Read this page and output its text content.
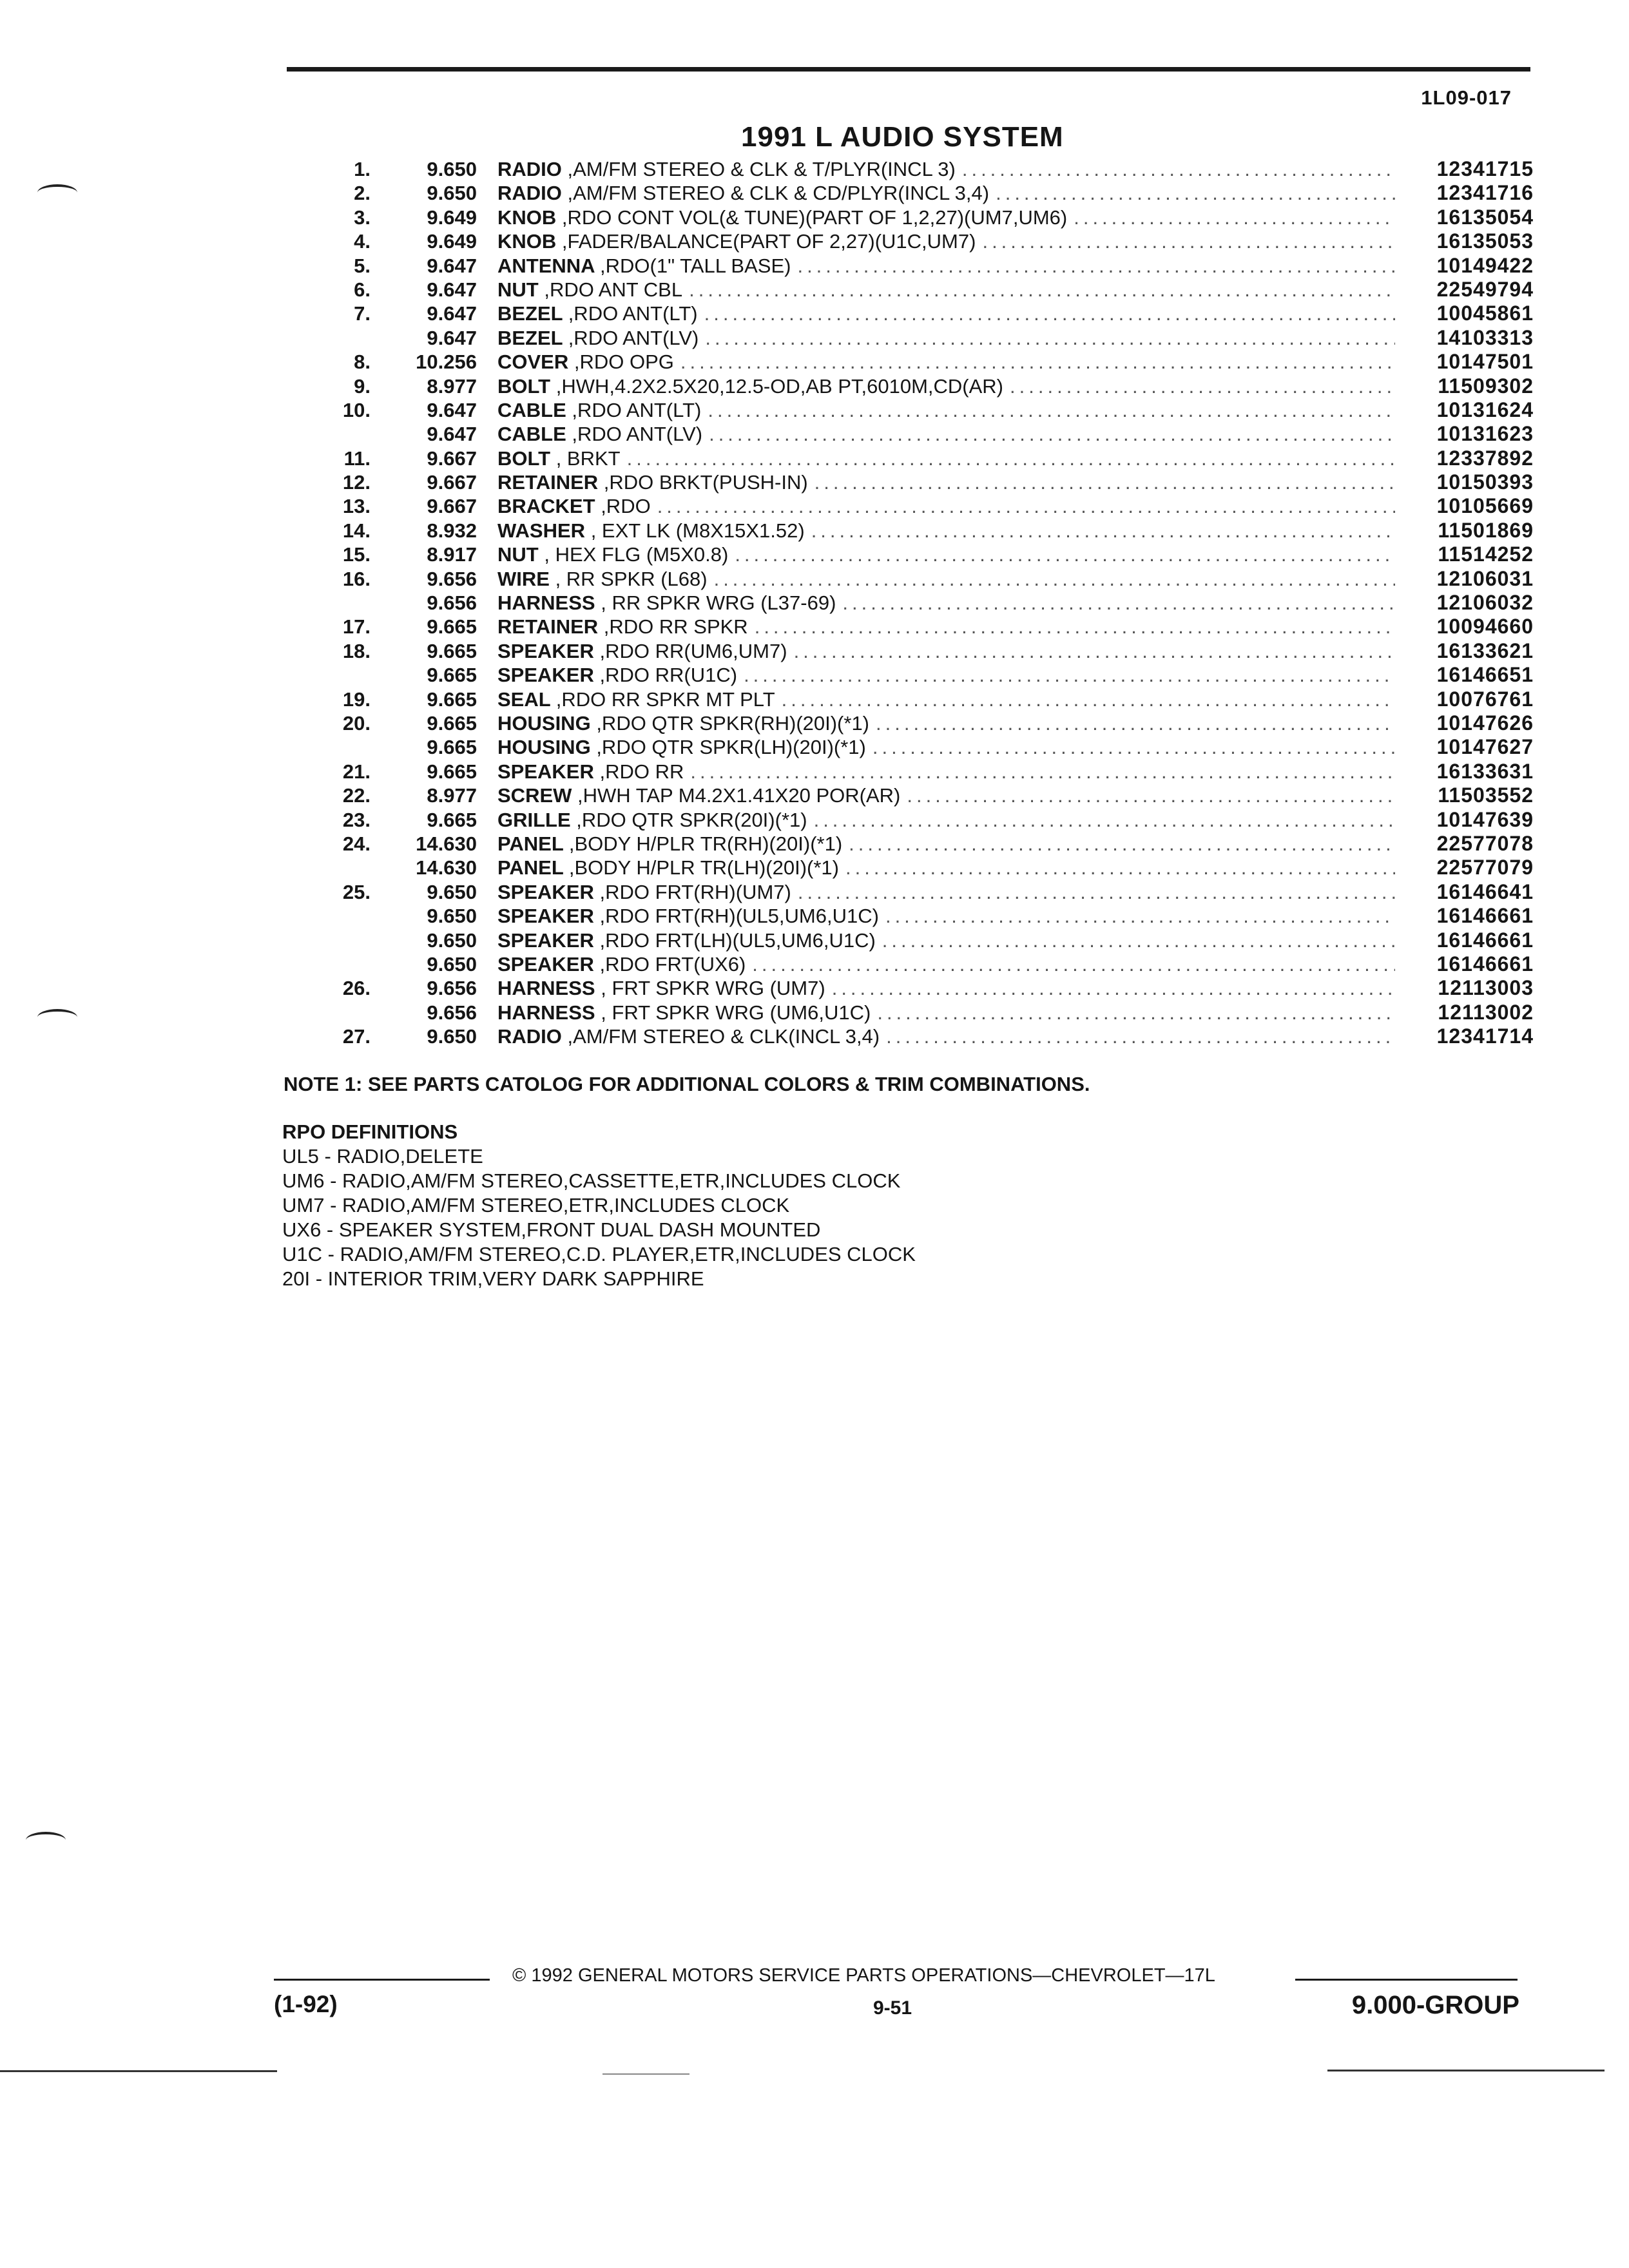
1L09-017
1991 L AUDIO SYSTEM
1.	9.650 RADIO ,AM/FM STEREO & CLK & T/PLYR(INCL 3) .....	12341715
2.	9.650 RADIO ,AM/FM STEREO & CLK & CD/PLYR(INCL 3,4) .....	12341716
3.	9.649 KNOB ,RDO CONT VOL(& TUNE)(PART OF 1,2,27)(UM7,UM6) .....	16135054
4.	9.649 KNOB ,FADER/BALANCE(PART OF 2,27)(U1C,UM7) .....	16135053
5.	9.647 ANTENNA ,RDO(1" TALL BASE) .....	10149422
6.	9.647 NUT ,RDO ANT CBL .....	22549794
7.	9.647 BEZEL ,RDO ANT(LT) .....	10045861
9.647 BEZEL ,RDO ANT(LV) .....	14103313
8.	10.256 COVER ,RDO OPG .....	10147501
9.	8.977 BOLT ,HWH,4.2X2.5X20,12.5-OD,AB PT,6010M,CD(AR) .....	11509302
10.	9.647 CABLE ,RDO ANT(LT) .....	10131624
9.647 CABLE ,RDO ANT(LV) .....	10131623
11.	9.667 BOLT , BRKT .....	12337892
12.	9.667 RETAINER ,RDO BRKT(PUSH-IN) .....	10150393
13.	9.667 BRACKET ,RDO .....	10105669
14.	8.932 WASHER , EXT LK (M8X15X1.52) .....	11501869
15.	8.917 NUT , HEX FLG (M5X0.8) .....	11514252
16.	9.656 WIRE , RR SPKR (L68) .....	12106031
9.656 HARNESS , RR SPKR WRG (L37-69) .....	12106032
17.	9.665 RETAINER ,RDO RR SPKR .....	10094660
18.	9.665 SPEAKER ,RDO RR(UM6,UM7) .....	16133621
9.665 SPEAKER ,RDO RR(U1C) .....	16146651
19.	9.665 SEAL ,RDO RR SPKR MT PLT .....	10076761
20.	9.665 HOUSING ,RDO QTR SPKR(RH)(20I)(*1) .....	10147626
9.665 HOUSING ,RDO QTR SPKR(LH)(20I)(*1) .....	10147627
21.	9.665 SPEAKER ,RDO RR .....	16133631
22.	8.977 SCREW ,HWH TAP M4.2X1.41X20 POR(AR) .....	11503552
23.	9.665 GRILLE ,RDO QTR SPKR(20I)(*1) .....	10147639
24.	14.630 PANEL ,BODY H/PLR TR(RH)(20I)(*1) .....	22577078
14.630 PANEL ,BODY H/PLR TR(LH)(20I)(*1) .....	22577079
25.	9.650 SPEAKER ,RDO FRT(RH)(UM7) .....	16146641
9.650 SPEAKER ,RDO FRT(RH)(UL5,UM6,U1C) .....	16146661
9.650 SPEAKER ,RDO FRT(LH)(UL5,UM6,U1C) .....	16146661
9.650 SPEAKER ,RDO FRT(UX6) .....	16146661
26.	9.656 HARNESS , FRT SPKR WRG (UM7) .....	12113003
9.656 HARNESS , FRT SPKR WRG (UM6,U1C) .....	12113002
27.	9.650 RADIO ,AM/FM STEREO & CLK(INCL 3,4) .....	12341714
NOTE 1: SEE PARTS CATOLOG FOR ADDITIONAL COLORS & TRIM COMBINATIONS.
RPO DEFINITIONS
UL5 - RADIO,DELETE
UM6 - RADIO,AM/FM STEREO,CASSETTE,ETR,INCLUDES CLOCK
UM7 - RADIO,AM/FM STEREO,ETR,INCLUDES CLOCK
UX6 - SPEAKER SYSTEM,FRONT DUAL DASH MOUNTED
U1C - RADIO,AM/FM STEREO,C.D. PLAYER,ETR,INCLUDES CLOCK
20I - INTERIOR TRIM,VERY DARK SAPPHIRE
© 1992 GENERAL MOTORS SERVICE PARTS OPERATIONS—CHEVROLET—17L
(1-92)	9-51	9.000-GROUP
